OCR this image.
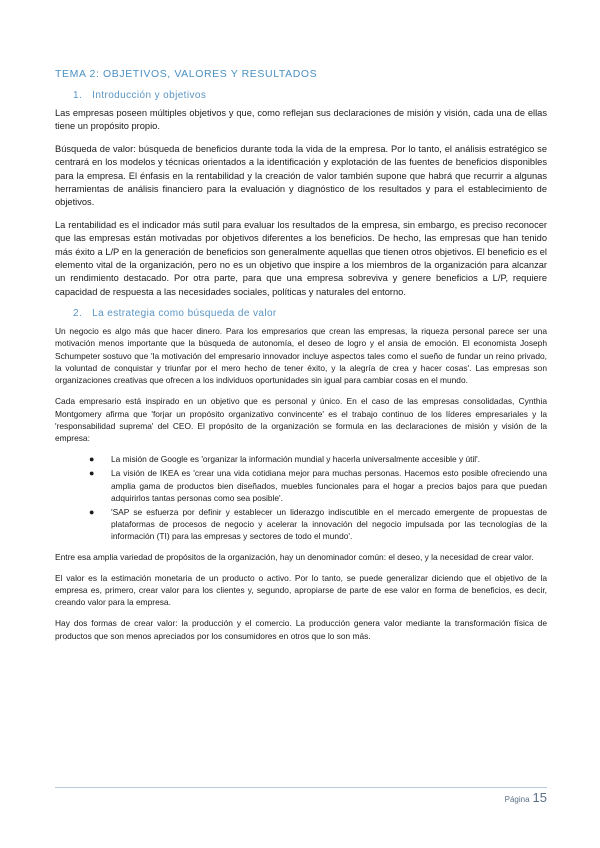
TEMA 2: OBJETIVOS, VALORES Y RESULTADOS
1. Introducción y objetivos

Las empresas poseen múltiples objetivos y que, como reflejan sus declaraciones de misión y visión, cada una de ellas tiene un propósito propio.

Búsqueda de valor: búsqueda de beneficios durante toda la vida de la empresa. Por lo tanto, el análisis estratégico se centrará en los modelos y técnicas orientados a la identificación y explotación de las fuentes de beneficios disponibles para la empresa. El énfasis en la rentabilidad y la creación de valor también supone que habrá que recurrir a algunas herramientas de análisis financiero para la evaluación y diagnóstico de los resultados y para el establecimiento de objetivos.

La rentabilidad es el indicador más sutil para evaluar los resultados de la empresa, sin embargo, es preciso reconocer que las empresas están motivadas por objetivos diferentes a los beneficios. De hecho, las empresas que han tenido más éxito a L/P en la generación de beneficios son generalmente aquellas que tienen otros objetivos. El beneficio es el elemento vital de la organización, pero no es un objetivo que inspire a los miembros de la organización para alcanzar un rendimiento destacado. Por otra parte, para que una empresa sobreviva y genere beneficios a L/P, requiere capacidad de respuesta a las necesidades sociales, políticas y naturales del entorno.

2. La estrategia como búsqueda de valor

Un negocio es algo más que hacer dinero. Para los empresarios que crean las empresas, la riqueza personal parece ser una motivación menos importante que la búsqueda de autonomía, el deseo de logro y el ansia de emoción. El economista Joseph Schumpeter sostuvo que 'la motivación del empresario innovador incluye aspectos tales como el sueño de fundar un reino privado, la voluntad de conquistar y triunfar por el mero hecho de tener éxito, y la alegría de crea y hacer cosas'. Las empresas son organizaciones creativas que ofrecen a los individuos oportunidades sin igual para cambiar cosas en el mundo.

Cada empresario está inspirado en un objetivo que es personal y único. En el caso de las empresas consolidadas, Cynthia Montgomery afirma que 'forjar un propósito organizativo convincente' es el trabajo continuo de los líderes empresariales y la 'responsabilidad suprema' del CEO. El propósito de la organización se formula en las declaraciones de misión y visión de la empresa:

● La misión de Google es 'organizar la información mundial y hacerla universalmente accesible y útil'.
● La visión de IKEA es 'crear una vida cotidiana mejor para muchas personas. Hacemos esto posible ofreciendo una amplia gama de productos bien diseñados, muebles funcionales para el hogar a precios bajos para que puedan adquirirlos tantas personas como sea posible'.
● 'SAP se esfuerza por definir y establecer un liderazgo indiscutible en el mercado emergente de propuestas de plataformas de procesos de negocio y acelerar la innovación del negocio impulsada por las tecnologías de la información (TI) para las empresas y sectores de todo el mundo'.

Entre esa amplia variedad de propósitos de la organización, hay un denominador común: el deseo, y la necesidad de crear valor.

El valor es la estimación monetaria de un producto o activo. Por lo tanto, se puede generalizar diciendo que el objetivo de la empresa es, primero, crear valor para los clientes y, segundo, apropiarse de parte de ese valor en forma de beneficios, es decir, creando valor para la empresa.

Hay dos formas de crear valor: la producción y el comercio. La producción genera valor mediante la transformación física de productos que son menos apreciados por los consumidores en otros que lo son más.

Página 15
